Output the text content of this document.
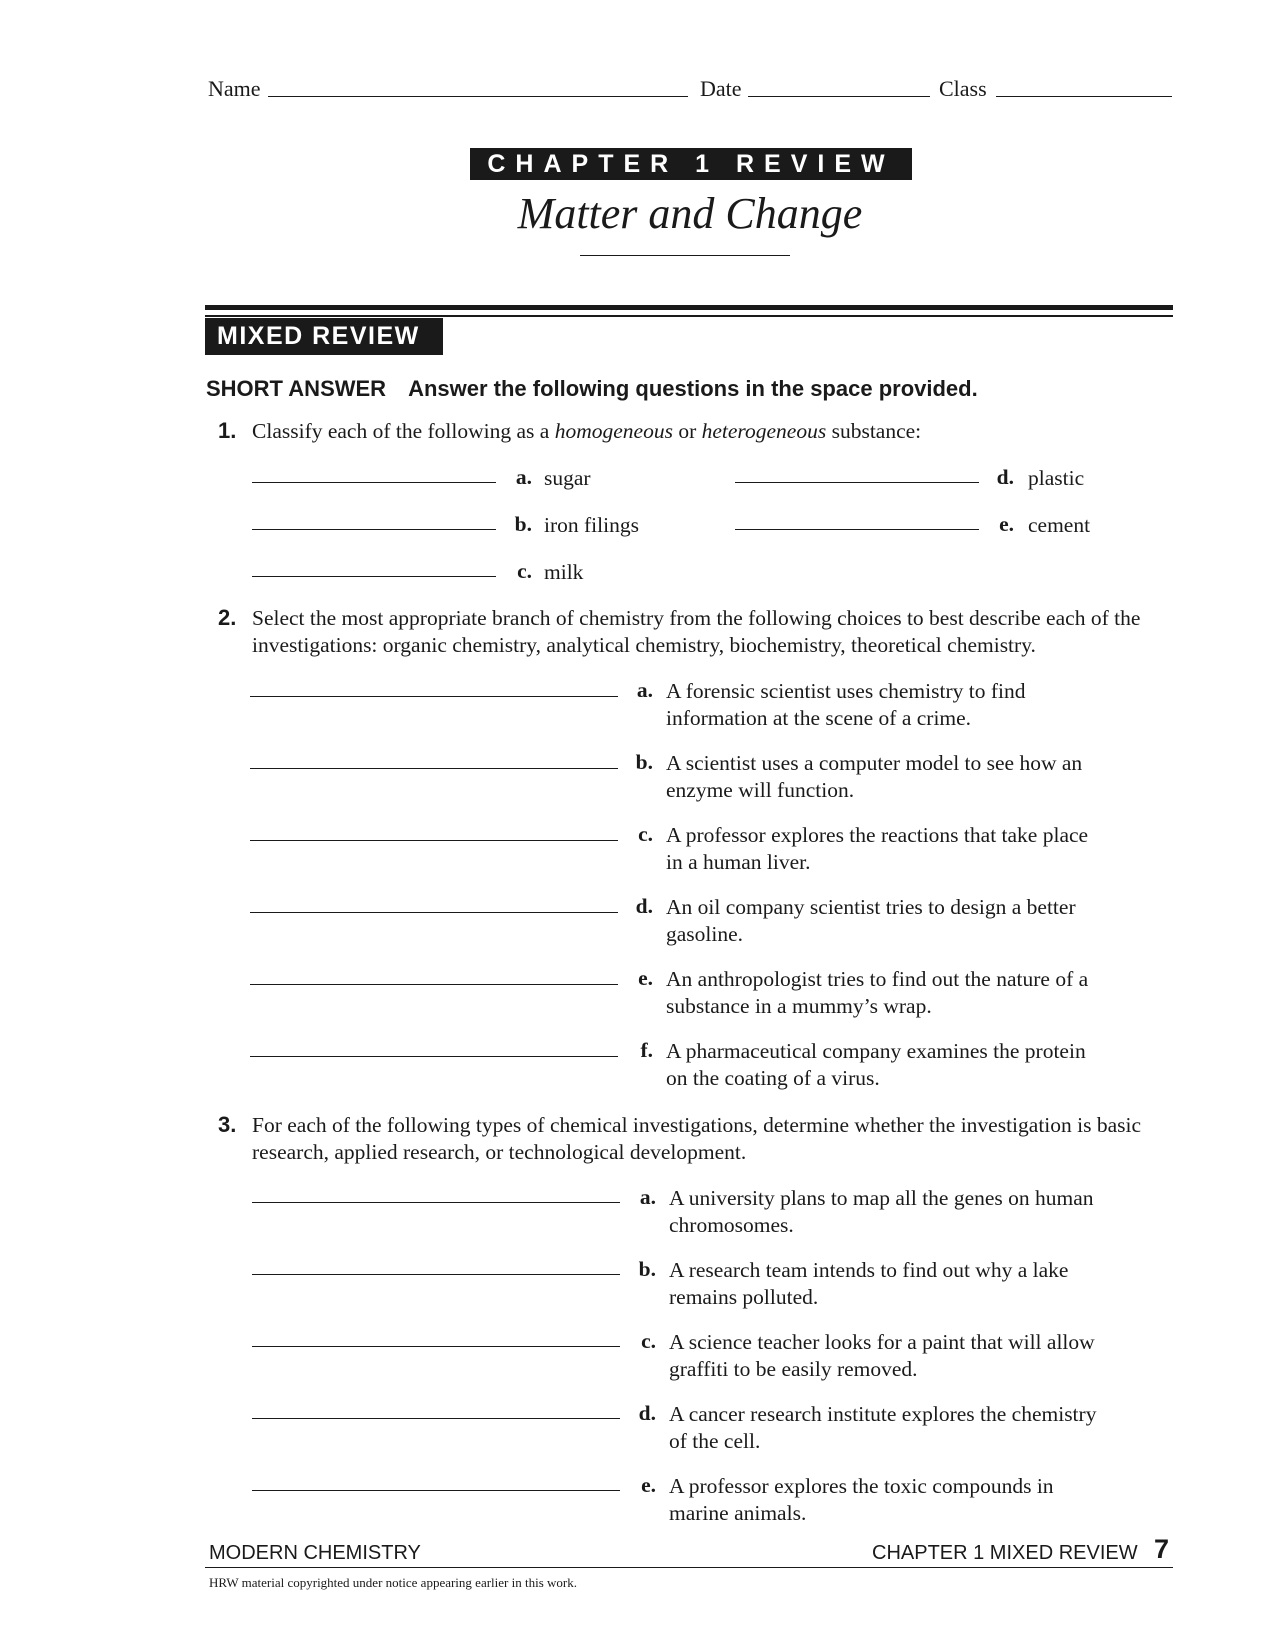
Name	Date	Class
CHAPTER 1 REVIEW
Matter and Change
MIXED REVIEW
SHORT ANSWER Answer the following questions in the space provided.
1. Classify each of the following as a homogeneous or heterogeneous substance:
a. sugar
b. iron filings
c. milk
d. plastic
e. cement
2. Select the most appropriate branch of chemistry from the following choices to best describe each of the investigations: organic chemistry, analytical chemistry, biochemistry, theoretical chemistry.
a. A forensic scientist uses chemistry to find
information at the scene of a crime.
b. A scientist uses a computer model to see how an
enzyme will function.
c. A professor explores the reactions that take place
in a human liver.
d. An oil company scientist tries to design a better
gasoline.
e. An anthropologist tries to find out the nature of a
substance in a mummy’s wrap.
f. A pharmaceutical company examines the protein
on the coating of a virus.
3. For each of the following types of chemical investigations, determine whether the investigation is basic research, applied research, or technological development.
a. A university plans to map all the genes on human
chromosomes.
b. A research team intends to find out why a lake
remains polluted.
c. A science teacher looks for a paint that will allow
graffiti to be easily removed.
d. A cancer research institute explores the chemistry
of the cell.
e. A professor explores the toxic compounds in
marine animals.
MODERN CHEMISTRY	CHAPTER 1 MIXED REVIEW 7
HRW material copyrighted under notice appearing earlier in this work.
